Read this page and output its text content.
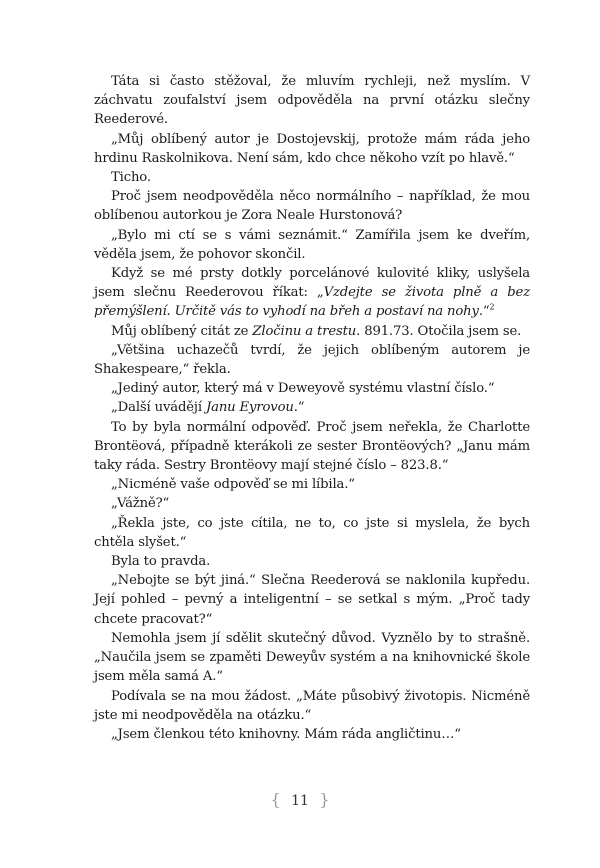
Táta si často stěžoval, že mluvím rychleji, než myslím. V záchvatu zoufalství jsem odpověděla na první otázku slečny Reederové.

„Můj oblíbený autor je Dostojevskij, protože mám ráda jeho hrdinu Raskolnikova. Není sám, kdo chce někoho vzít po hlavě.“

Ticho.

Proč jsem neodpověděla něco normálního – například, že mou oblíbenou autorkou je Zora Neale Hurstonová?

„Bylo mi ctí se s vámi seznámit.“ Zamířila jsem ke dveřím, věděla jsem, že pohovor skončil.

Když se mé prsty dotkly porcelánové kulovité kliky, uslyšela jsem slečnu Reederovou říkat: „Vzdejte se života plně a bez přemýšlení. Určitě vás to vyhodí na břeh a postaví na nohy.“$^2$

Můj oblíbený citát ze Zločinu a trestu. 891.73. Otočila jsem se.

„Většina uchazečů tvrdí, že jejich oblíbeným autorem je Shakespeare,“ řekla.

„Jediný autor, který má v Deweyově systému vlastní číslo.“

„Další uvádějí Janu Eyrovou.“

To by byla normální odpověď. Proč jsem neřekla, že Charlotte Brontëová, případně kterákoli ze sester Brontëových? „Janu mám taky ráda. Sestry Brontëovy mají stejné číslo – 823.8.“

„Nicméně vaše odpověď se mi líbila.“

„Vážně?“

„Řekla jste, co jste cítila, ne to, co jste si myslela, že bych chtěla slyšet.“

Byla to pravda.

„Nebojte se být jiná.“ Slečna Reederová se naklonila kupředu. Její pohled – pevný a inteligentní – se setkal s mým. „Proč tady chcete pracovat?“

Nemohla jsem jí sdělit skutečný důvod. Vyznělo by to strašně. „Naučila jsem se zpaměti Deweyův systém a na knihovnické škole jsem měla samá A.“

Podívala se na mou žádost. „Máte působivý životopis. Nicméně jste mi neodpověděla na otázku.“

„Jsem členkou této knihovny. Mám ráda angličtinu…“

{ 11 }
